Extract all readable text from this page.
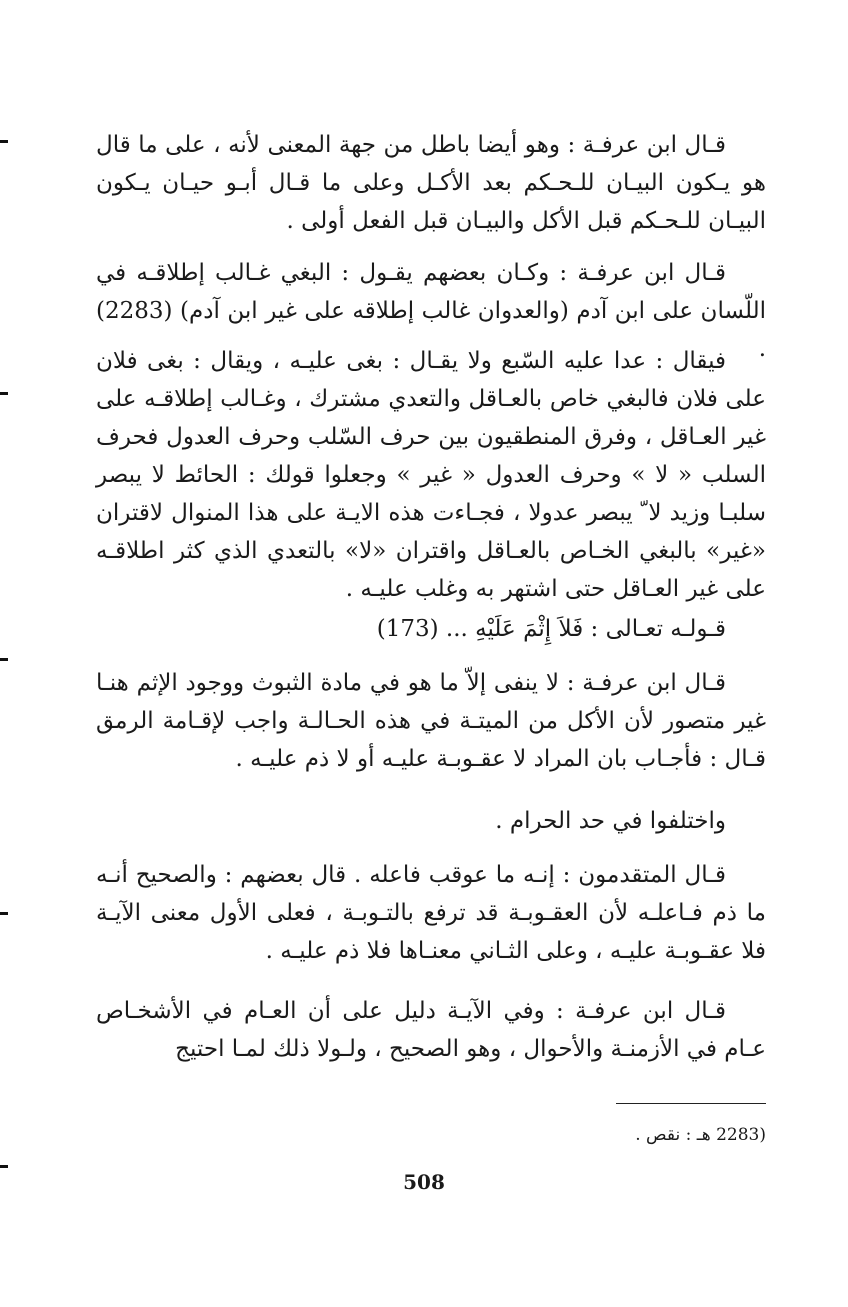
قـال ابن عرفـة : وهو أيضا باطل من جهة المعنى لأنه ، على ما قال هو يـكون البيـان للـحـكم بعد الأكـل وعلى ما قـال أبـو حيـان يـكون البيـان للـحـكم قبل الأكل والبيـان قبل الفعل أولى .

قـال ابن عرفـة : وكـان بعضهم يقـول : البغي غـالب إطلاقـه في اللّسان على ابن آدم (والعدوان غالب إطلاقه على غير ابن آدم) (2283) .

فيقال : عدا عليه السّبع ولا يقـال : بغى عليـه ، ويقال : بغى فلان على فلان فالبغي خاص بالعـاقل والتعدي مشترك ، وغـالب إطلاقـه على غير العـاقل ، وفرق المنطقيون بين حرف السّلب وحرف العدول فحرف السلب « لا » وحرف العدول « غير » وجعلوا قولك : الحائط لا يبصر سلبـا وزيد لا ّ يبصر عدولا ، فجـاءت هذه الايـة على هذا المنوال لاقتران «غير» بالبغي الخـاص بالعـاقل واقتران «لا» بالتعدي الذي كثر اطلاقـه على غير العـاقل حتى اشتهر به وغلب عليـه .

قـولـه تعـالى : فَلاَ إِثْمَ عَلَيْهِ ... (173)

قـال ابن عرفـة : لا ينفى إلاّ ما هو في مادة الثبوث ووجود الإثم هنـا غير متصور لأن الأكل من الميتـة في هذه الحـالـة واجب لإقـامة الرمق قـال : فأجـاب بان المراد لا عقـوبـة عليـه أو لا ذم عليـه .

واختلفوا في حد الحرام .

قـال المتقدمون : إنـه ما عوقب فاعله . قال بعضهم : والصحيح أنـه ما ذم فـاعلـه لأن العقـوبـة قد ترفع بالتـوبـة ، فعلى الأول معنى الآيـة فلا عقـوبـة عليـه ، وعلى الثـاني معنـاها فلا ذم عليـه .

قـال ابن عرفـة : وفي الآيـة دليل على أن العـام في الأشخـاص عـام في الأزمنـة والأحوال ، وهو الصحيح ، ولـولا ذلك لمـا احتيج

(2283 هـ : نقص .
508
